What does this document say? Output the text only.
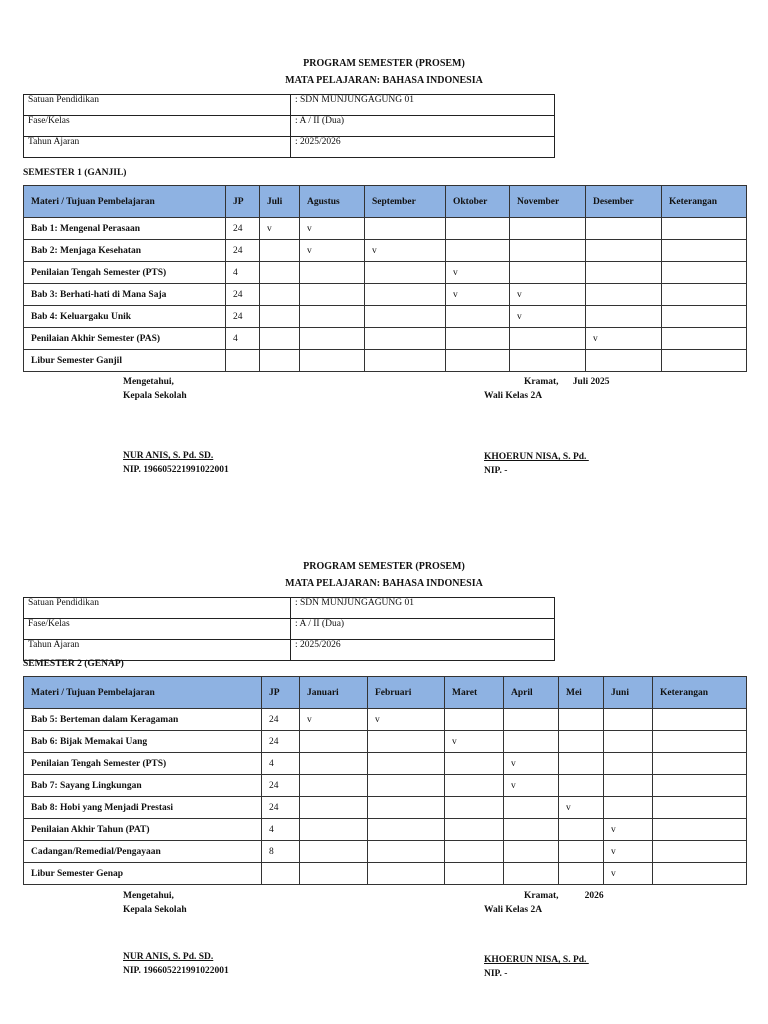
PROGRAM SEMESTER (PROSEM)
MATA PELAJARAN: BAHASA INDONESIA
Satuan Pendidikan	: SDN MUNJUNGAGUNG 01
Fase/Kelas	: A / II (Dua)
Tahun Ajaran	: 2025/2026
SEMESTER 1 (GANJIL)
Materi / Tujuan Pembelajaran	JP	Juli	Agustus	September	Oktober	November	Desember	Keterangan
Bab 1: Mengenal Perasaan	24	v	v					
Bab 2: Menjaga Kesehatan	24		v	v				
Penilaian Tengah Semester (PTS)	4				v			
Bab 3: Berhati-hati di Mana Saja	24				v	v		
Bab 4: Keluargaku Unik	24					v		
Penilaian Akhir Semester (PAS)	4						v	
Libur Semester Ganjil								
Mengetahui,
Kepala Sekolah
NUR ANIS, S. Pd. SD.
NIP. 196605221991022001
Kramat,      Juli 2025
Wali Kelas 2A
KHOERUN NISA, S. Pd.
NIP. -
PROGRAM SEMESTER (PROSEM)
MATA PELAJARAN: BAHASA INDONESIA
Satuan Pendidikan	: SDN MUNJUNGAGUNG 01
Fase/Kelas	: A / II (Dua)
Tahun Ajaran	: 2025/2026
SEMESTER 2 (GENAP)
Materi / Tujuan Pembelajaran	JP	Januari	Februari	Maret	April	Mei	Juni	Keterangan
Bab 5: Berteman dalam Keragaman	24	v	v					
Bab 6: Bijak Memakai Uang	24			v				
Penilaian Tengah Semester (PTS)	4				v			
Bab 7: Sayang Lingkungan	24				v			
Bab 8: Hobi yang Menjadi Prestasi	24					v		
Penilaian Akhir Tahun (PAT)	4						v	
Cadangan/Remedial/Pengayaan	8						v	
Libur Semester Genap							v	
Mengetahui,
Kepala Sekolah
NUR ANIS, S. Pd. SD.
NIP. 196605221991022001
Kramat,           2026
Wali Kelas 2A
KHOERUN NISA, S. Pd.
NIP. -
